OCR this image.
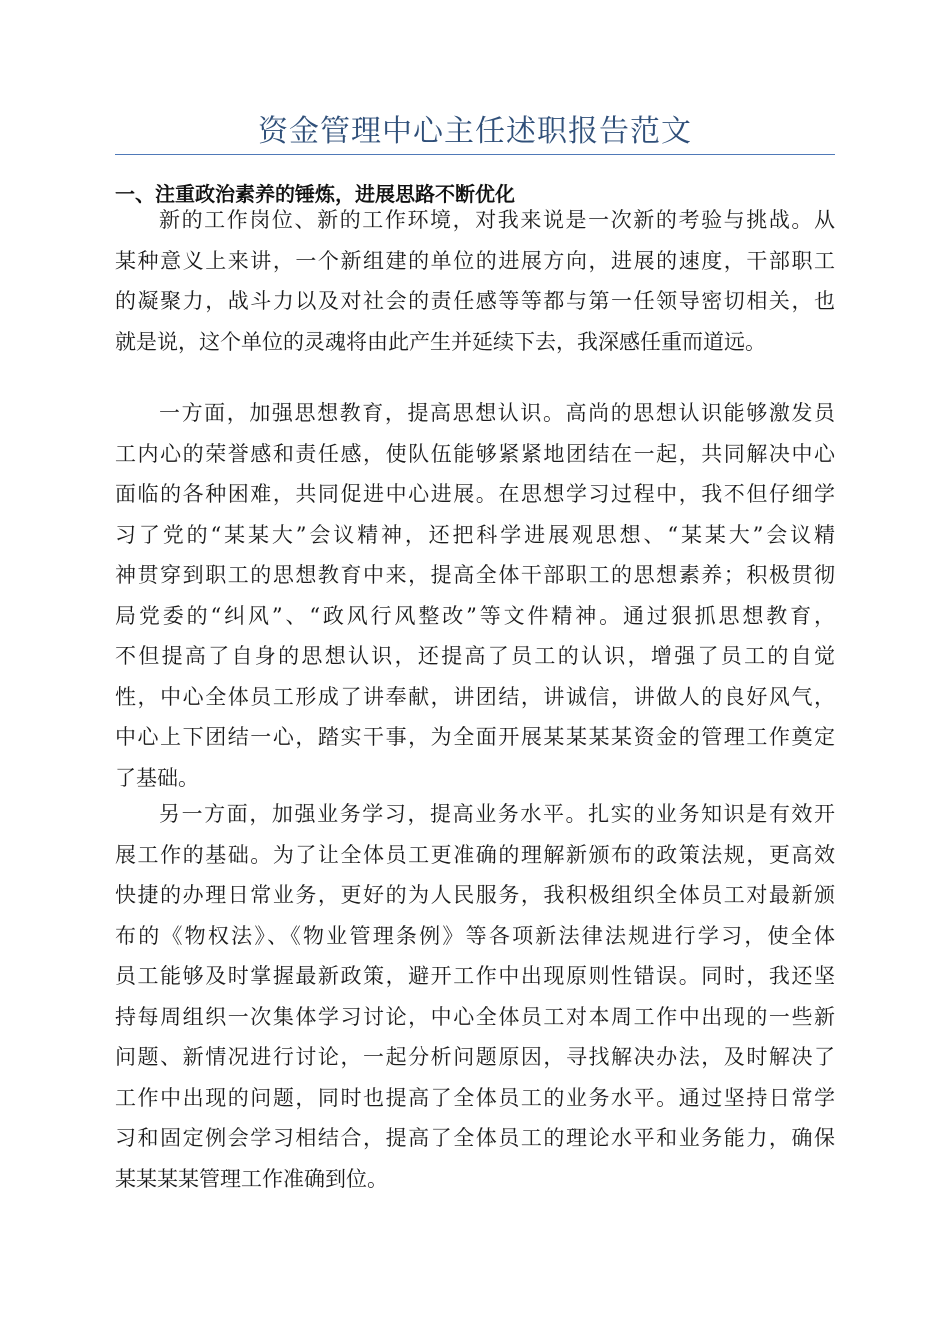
资金管理中心主任述职报告范文
一、注重政治素养的锤炼，进展思路不断优化
新的工作岗位、新的工作环境，对我来说是一次新的考验与挑战。从
某种意义上来讲，一个新组建的单位的进展方向，进展的速度，干部职工
的凝聚力，战斗力以及对社会的责任感等等都与第一任领导密切相关，也
就是说，这个单位的灵魂将由此产生并延续下去，我深感任重而道远。
一方面，加强思想教育，提高思想认识。高尚的思想认识能够激发员
工内心的荣誉感和责任感，使队伍能够紧紧地团结在一起，共同解决中心
面临的各种困难，共同促进中心进展。在思想学习过程中，我不但仔细学
习了党的“某某大”会议精神，还把科学进展观思想、“某某大”会议精
神贯穿到职工的思想教育中来，提高全体干部职工的思想素养；积极贯彻
局党委的“纠风”、“政风行风整改”等文件精神。通过狠抓思想教育，
不但提高了自身的思想认识，还提高了员工的认识，增强了员工的自觉
性，中心全体员工形成了讲奉献，讲团结，讲诚信，讲做人的良好风气，
中心上下团结一心，踏实干事，为全面开展某某某某资金的管理工作奠定
了基础。
另一方面，加强业务学习，提高业务水平。扎实的业务知识是有效开
展工作的基础。为了让全体员工更准确的理解新颁布的政策法规，更高效
快捷的办理日常业务，更好的为人民服务，我积极组织全体员工对最新颁
布的《物权法》、《物业管理条例》等各项新法律法规进行学习，使全体
员工能够及时掌握最新政策，避开工作中出现原则性错误。同时，我还坚
持每周组织一次集体学习讨论，中心全体员工对本周工作中出现的一些新
问题、新情况进行讨论，一起分析问题原因，寻找解决办法，及时解决了
工作中出现的问题，同时也提高了全体员工的业务水平。通过坚持日常学
习和固定例会学习相结合，提高了全体员工的理论水平和业务能力，确保
某某某某管理工作准确到位。
